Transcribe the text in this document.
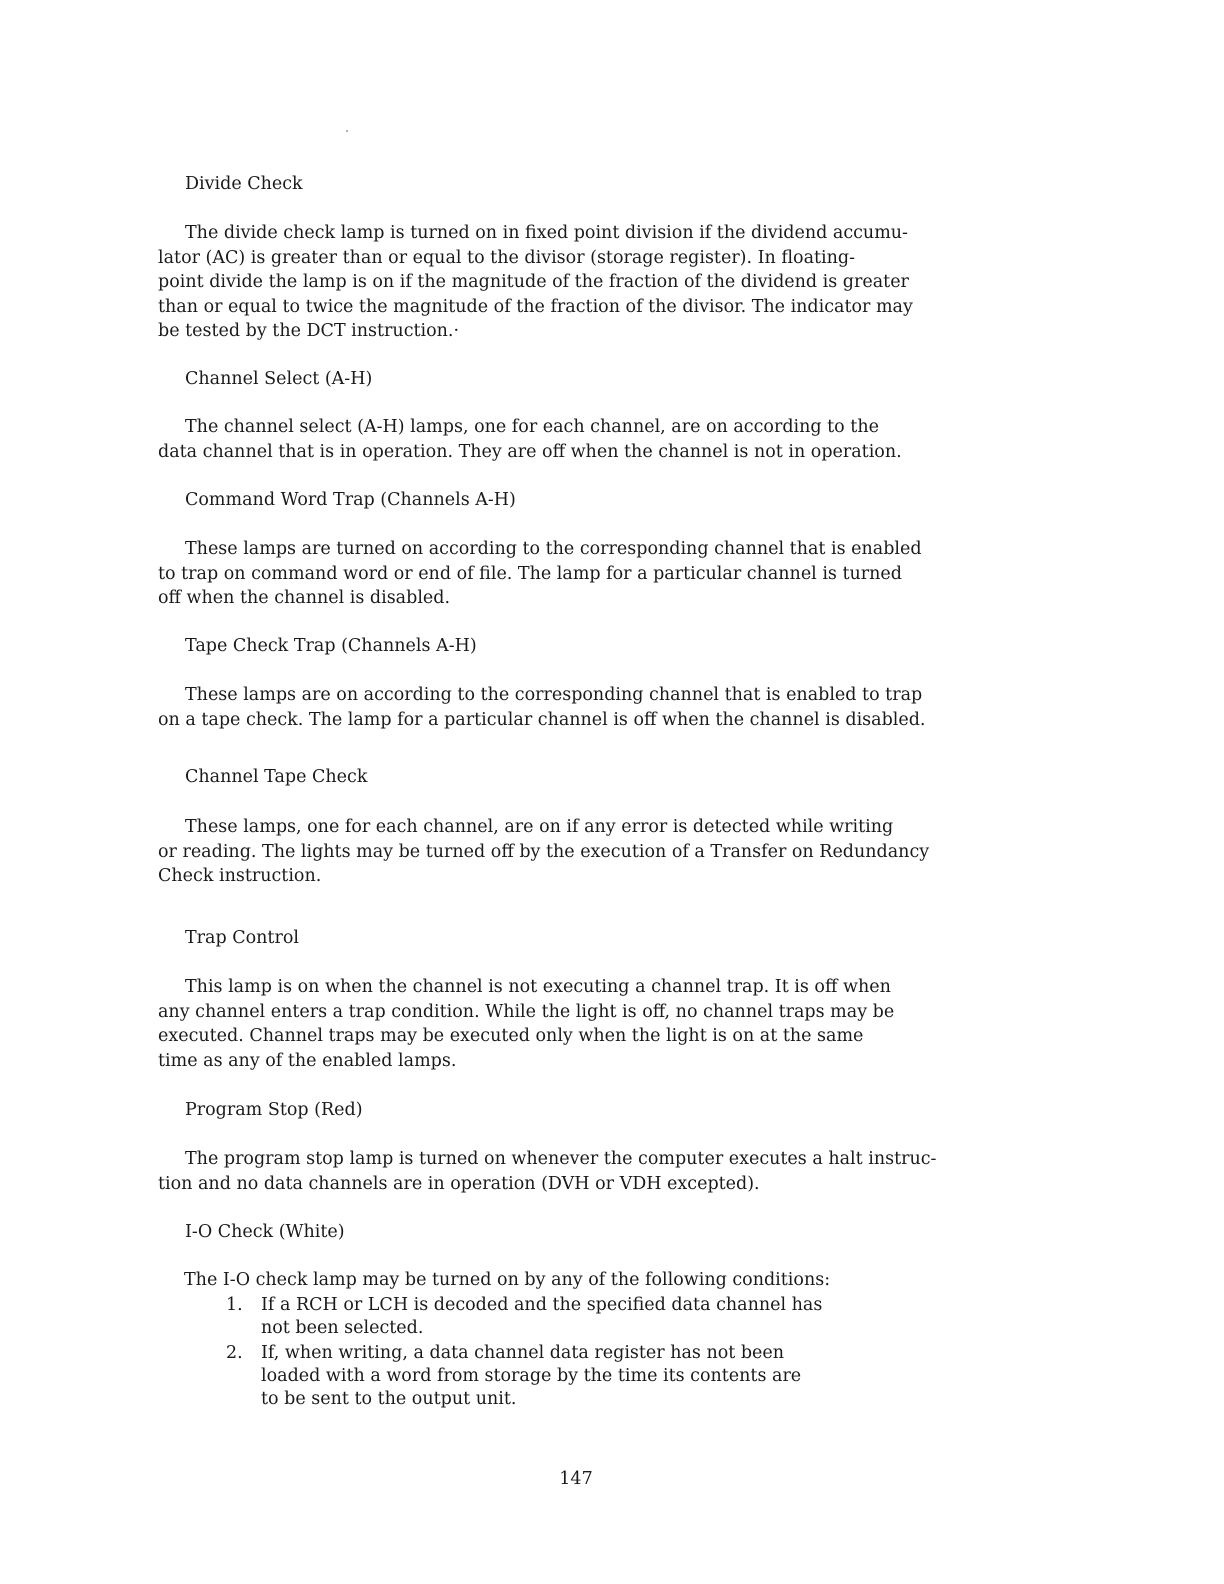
Divide Check
The divide check lamp is turned on in fixed point division if the dividend accumu-
lator (AC) is greater than or equal to the divisor (storage register). In floating-
point divide the lamp is on if the magnitude of the fraction of the dividend is greater
than or equal to twice the magnitude of the fraction of the divisor. The indicator may
be tested by the DCT instruction.·
Channel Select (A-H)
The channel select (A-H) lamps, one for each channel, are on according to the
data channel that is in operation. They are off when the channel is not in operation.
Command Word Trap (Channels A-H)
These lamps are turned on according to the corresponding channel that is enabled
to trap on command word or end of file. The lamp for a particular channel is turned
off when the channel is disabled.
Tape Check Trap (Channels A-H)
These lamps are on according to the corresponding channel that is enabled to trap
on a tape check. The lamp for a particular channel is off when the channel is disabled.
Channel Tape Check
These lamps, one for each channel, are on if any error is detected while writing
or reading. The lights may be turned off by the execution of a Transfer on Redundancy
Check instruction.
Trap Control
This lamp is on when the channel is not executing a channel trap. It is off when
any channel enters a trap condition. While the light is off, no channel traps may be
executed. Channel traps may be executed only when the light is on at the same
time as any of the enabled lamps.
Program Stop (Red)
The program stop lamp is turned on whenever the computer executes a halt instruc-
tion and no data channels are in operation (DVH or VDH excepted).
I-O Check (White)
The I-O check lamp may be turned on by any of the following conditions:
1. If a RCH or LCH is decoded and the specified data channel has
not been selected.
2. If, when writing, a data channel data register has not been
loaded with a word from storage by the time its contents are
to be sent to the output unit.
147
